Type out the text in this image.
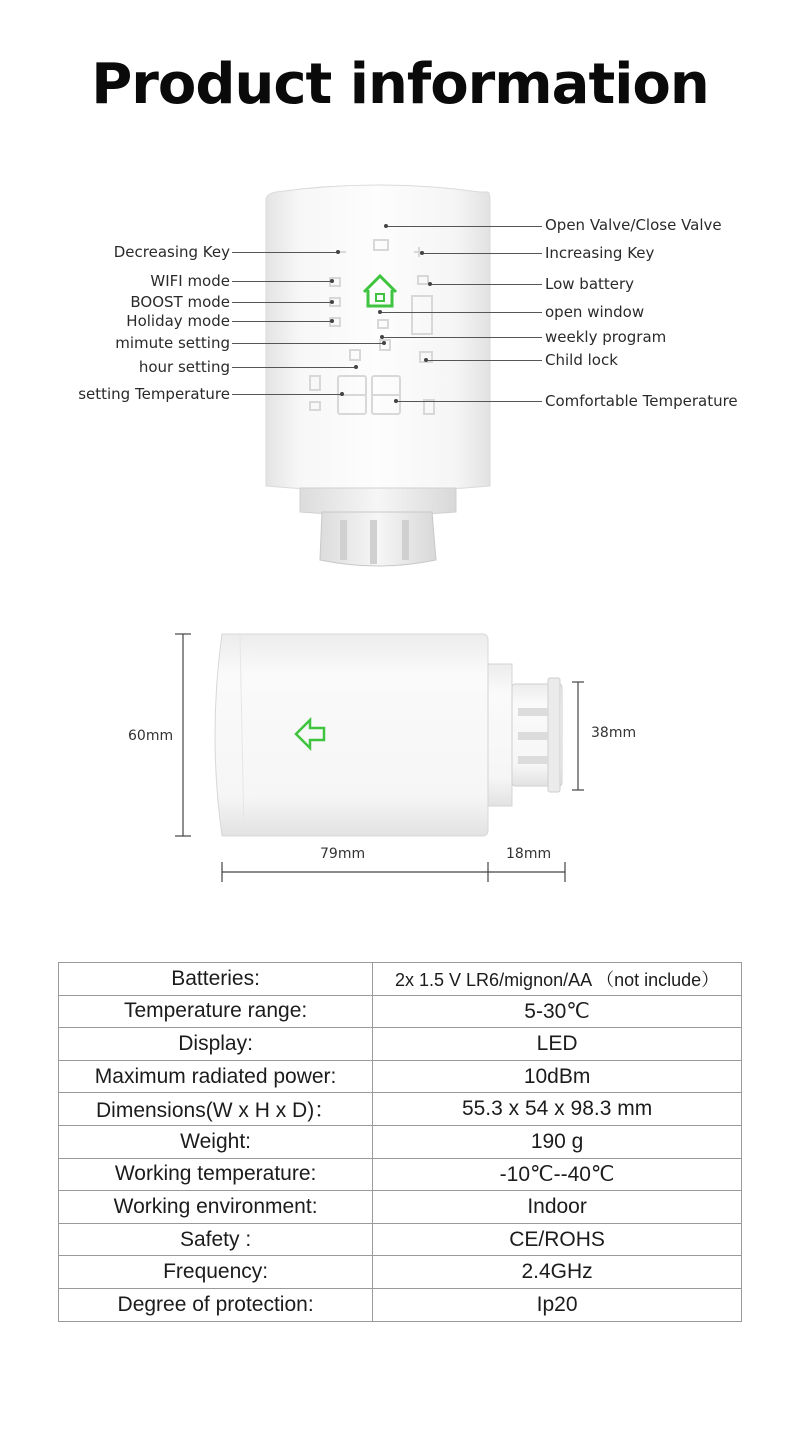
Product information
Decreasing Key
WIFI mode
BOOST mode
Holiday mode
mimute setting
hour setting
setting Temperature
Open Valve/Close Valve
Increasing Key
Low battery
open window
weekly program
Child lock
Comfortable Temperature
60mm	38mm
79mm	18mm
Batteries:	2x 1.5 V LR6/mignon/AA （not include）
Temperature range:	5-30℃
Display:	LED
Maximum radiated power:	10dBm
Dimensions(W x H x D)：	55.3 x 54 x 98.3 mm
Weight:	190 g
Working temperature:	-10℃--40℃
Working environment:	Indoor
Safety :	CE/ROHS
Frequency:	2.4GHz
Degree of protection:	Ip20
